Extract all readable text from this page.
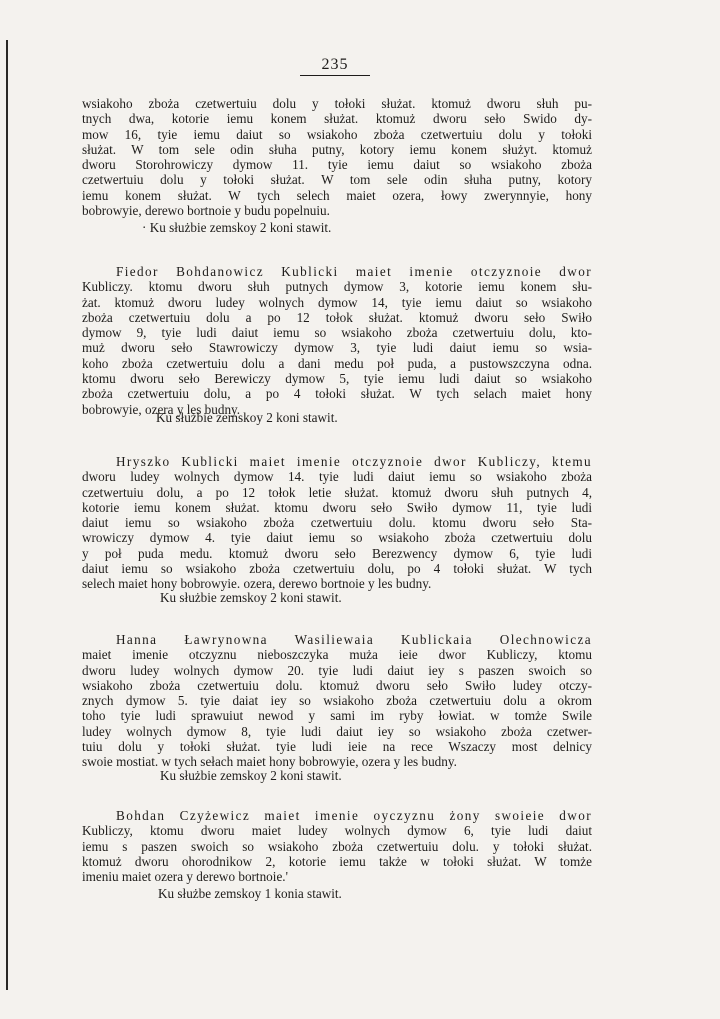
235
wsiakoho zboża czetwertuiu dolu y tołoki służat. ktomuż dworu słuh pu-
tnych dwa, kotorie iemu konem służat. ktomuż dworu seło Swido dy-
mow 16, tyie iemu daiut so wsiakoho zboża czetwertuiu dolu y tołoki
służat. W tom sele odin słuha putny, kotory iemu konem służyt. ktomuż
dworu Storohrowiczy dymow 11. tyie iemu daiut so wsiakoho zboża
czetwertuiu dolu y tołoki służat. W tom sele odin słuha putny, kotory
iemu konem służat. W tych selech maiet ozera, łowy zwerynnyie, hony
bobrowyie, derewo bortnoie y budu popelnuiu.
· Ku służbie zemskoy 2 koni stawit.
Fiedor Bohdanowicz Kublicki maiet imenie otczyznoie dwor
Kubliczy. ktomu dworu słuh putnych dymow 3, kotorie iemu konem słu-
żat. ktomuż dworu ludey wolnych dymow 14, tyie iemu daiut so wsiakoho
zboża czetwertuiu dolu a po 12 tołok służat. ktomuż dworu seło Swiło
dymow 9, tyie ludi daiut iemu so wsiakoho zboża czetwertuiu dolu, kto-
muż dworu seło Stawrowiczy dymow 3, tyie ludi daiut iemu so wsia-
koho zboża czetwertuiu dolu a dani medu poł puda, a pustowszczyna odna.
ktomu dworu seło Berewiczy dymow 5, tyie iemu ludi daiut so wsiakoho
zboża czetwertuiu dolu, a po 4 tołoki służat. W tych selach maiet hony
bobrowyie, ozera y les budny.
Ku służbie zemskoy 2 koni stawit.
Hryszko Kublicki maiet imenie otczyznoie dwor Kubliczy, ktemu
dworu ludey wolnych dymow 14. tyie ludi daiut iemu so wsiakoho zboża
czetwertuiu dolu, a po 12 tołok letie służat. ktomuż dworu słuh putnych 4,
kotorie iemu konem służat. ktomu dworu seło Swiło dymow 11, tyie ludi
daiut iemu so wsiakoho zboża czetwertuiu dolu. ktomu dworu seło Sta-
wrowiczy dymow 4. tyie daiut iemu so wsiakoho zboża czetwertuiu dolu
y poł puda medu. ktomuż dworu seło Berezwency dymow 6, tyie ludi
daiut iemu so wsiakoho zboża czetwertuiu dolu, po 4 tołoki służat. W tych
selech maiet hony bobrowyie. ozera, derewo bortnoie y les budny.
Ku służbie zemskoy 2 koni stawit.
Hanna Ławrynowna Wasiliewaia Kublickaia Olechnowicza
maiet imenie otczyznu nieboszczyka muża ieie dwor Kubliczy, ktomu
dworu ludey wolnych dymow 20. tyie ludi daiut iey s paszen swoich so
wsiakoho zboża czetwertuiu dolu. ktomuż dworu seło Swiło ludey otczy-
znych dymow 5. tyie daiat iey so wsiakoho zboża czetwertuiu dolu a okrom
toho tyie ludi sprawuiut newod y sami im ryby łowiat. w tomże Swile
ludey wolnych dymow 8, tyie ludi daiut iey so wsiakoho zboża czetwer-
tuiu dolu y tołoki służat. tyie ludi ieie na rece Wszaczy most delnicy
swoie mostiat. w tych sełach maiet hony bobrowyie, ozera y les budny.
Ku służbie zemskoy 2 koni stawit.
Bohdan Czyżewicz maiet imenie oyczyznu żony swoieie dwor
Kubliczy, ktomu dworu maiet ludey wolnych dymow 6, tyie ludi daiut
iemu s paszen swoich so wsiakoho zboża czetwertuiu dolu. y tołoki służat.
ktomuż dworu ohorodnikow 2, kotorie iemu także w tołoki służat. W tomże
imeniu maiet ozera y derewo bortnoie.'
Ku służbe zemskoy 1 konia stawit.
